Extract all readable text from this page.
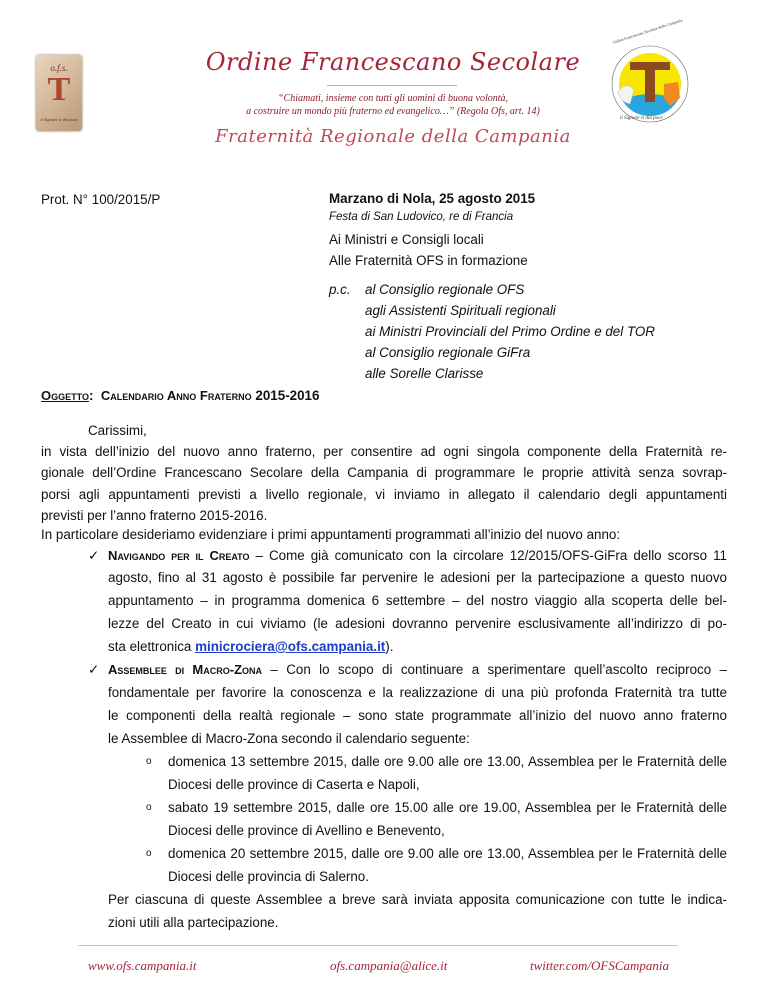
o.f.s.
T
il Signore ti dia pace
Ordine Francescano Secolare
“Chiamati, insieme con tutti gli uomini di buona volontà,
a costruire un mondo più fraterno ed evangelico…” (Regola Ofs, art. 14)
Fraternità Regionale della Campania
il Signore vi dia pace
Ordine Francescano Secolare della Campania
Prot. N° 100/2015/P	Marzano di Nola, 25 agosto 2015
Festa di San Ludovico, re di Francia
Ai Ministri e Consigli locali
Alle Fraternità OFS in formazione
p.c. al Consiglio regionale OFS
agli Assistenti Spirituali regionali
ai Ministri Provinciali del Primo Ordine e del TOR
al Consiglio regionale GiFra
alle Sorelle Clarisse
Oggetto: Calendario Anno Fraterno 2015-2016
Carissimi,
in vista dell’inizio del nuovo anno fraterno, per consentire ad ogni singola componente della Fraternità re-
gionale dell’Ordine Francescano Secolare della Campania di programmare le proprie attività senza sovrap-
porsi agli appuntamenti previsti a livello regionale, vi inviamo in allegato il calendario degli appuntamenti
previsti per l’anno fraterno 2015-2016.
In particolare desideriamo evidenziare i primi appuntamenti programmati all’inizio del nuovo anno:
✓ Navigando per il Creato – Come già comunicato con la circolare 12/2015/OFS-GiFra dello scorso 11
agosto, fino al 31 agosto è possibile far pervenire le adesioni per la partecipazione a questo nuovo
appuntamento – in programma domenica 6 settembre – del nostro viaggio alla scoperta delle bel-
lezze del Creato in cui viviamo (le adesioni dovranno pervenire esclusivamente all’indirizzo di po-
sta elettronica minicrociera@ofs.campania.it).
✓ Assemblee di Macro-Zona – Con lo scopo di continuare a sperimentare quell’ascolto reciproco –
fondamentale per favorire la conoscenza e la realizzazione di una più profonda Fraternità tra tutte
le componenti della realtà regionale – sono state programmate all’inizio del nuovo anno fraterno
le Assemblee di Macro-Zona secondo il calendario seguente:
o domenica 13 settembre 2015, dalle ore 9.00 alle ore 13.00, Assemblea per le Fraternità delle
Diocesi delle province di Caserta e Napoli,
o sabato 19 settembre 2015, dalle ore 15.00 alle ore 19.00, Assemblea per le Fraternità delle
Diocesi delle province di Avellino e Benevento,
o domenica 20 settembre 2015, dalle ore 9.00 alle ore 13.00, Assemblea per le Fraternità delle
Diocesi delle provincia di Salerno.
Per ciascuna di queste Assemblee a breve sarà inviata apposita comunicazione con tutte le indica-
zioni utili alla partecipazione.
www.ofs.campania.it	ofs.campania@alice.it	twitter.com/OFSCampania
